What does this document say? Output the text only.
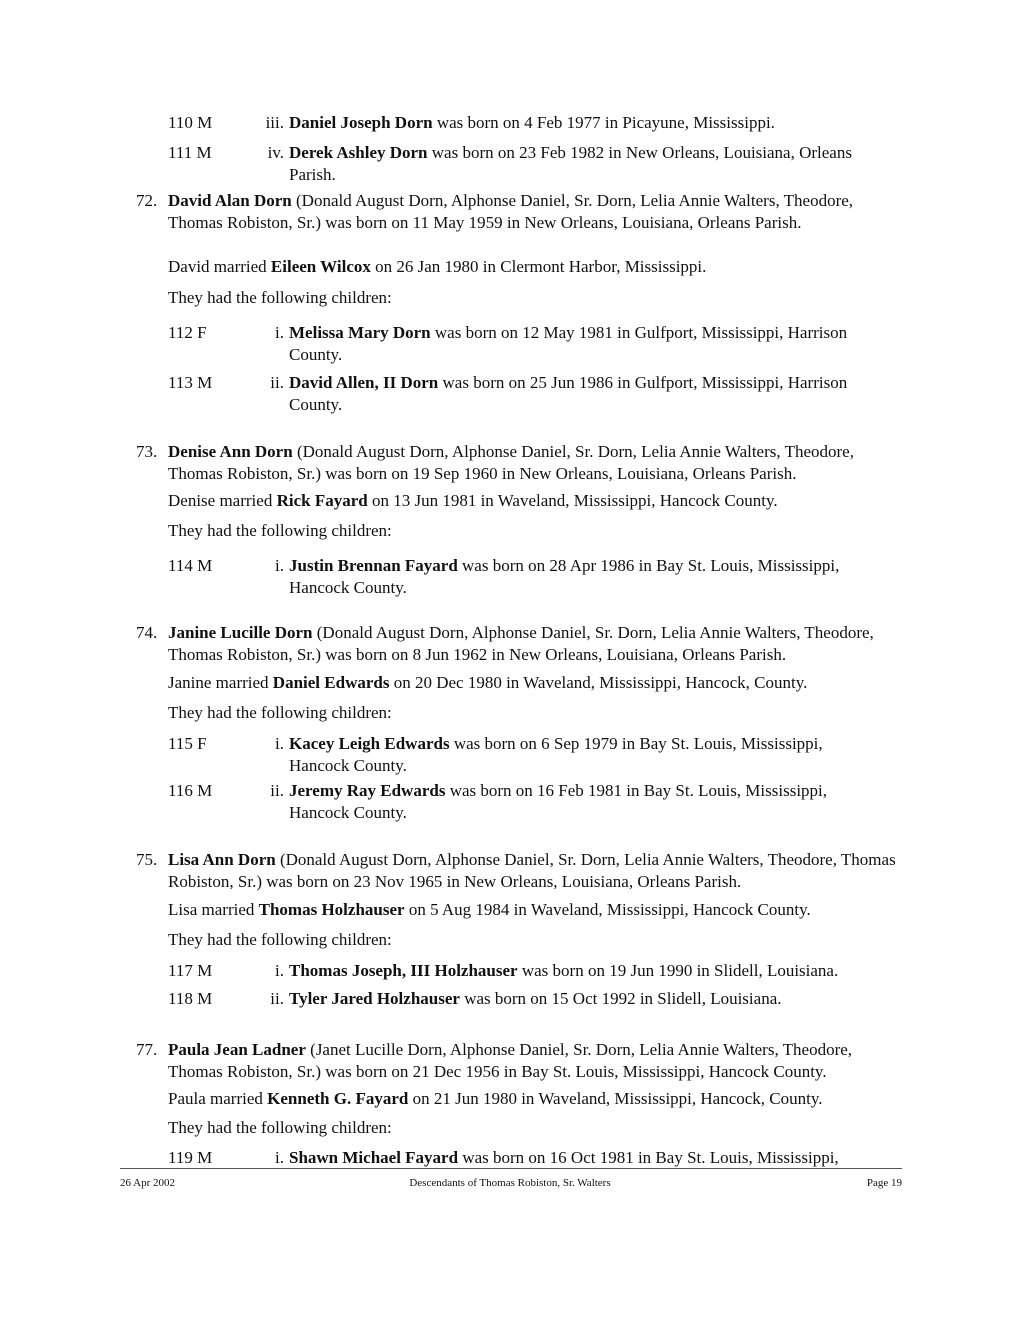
110 M	iii. Daniel Joseph Dorn was born on 4 Feb 1977 in Picayune, Mississippi.
111 M	iv. Derek Ashley Dorn was born on 23 Feb 1982 in New Orleans, Louisiana, Orleans Parish.
72. David Alan Dorn (Donald August Dorn, Alphonse Daniel, Sr. Dorn, Lelia Annie Walters, Theodore, Thomas Robiston, Sr.) was born on 11 May 1959 in New Orleans, Louisiana, Orleans Parish.
David married Eileen Wilcox on 26 Jan 1980 in Clermont Harbor, Mississippi.
They had the following children:
112 F	i. Melissa Mary Dorn was born on 12 May 1981 in Gulfport, Mississippi, Harrison County.
113 M	ii. David Allen, II Dorn was born on 25 Jun 1986 in Gulfport, Mississippi, Harrison County.
73. Denise Ann Dorn (Donald August Dorn, Alphonse Daniel, Sr. Dorn, Lelia Annie Walters, Theodore, Thomas Robiston, Sr.) was born on 19 Sep 1960 in New Orleans, Louisiana, Orleans Parish.
Denise married Rick Fayard on 13 Jun 1981 in Waveland, Mississippi, Hancock County.
They had the following children:
114 M	i. Justin Brennan Fayard was born on 28 Apr 1986 in Bay St. Louis, Mississippi, Hancock County.
74. Janine Lucille Dorn (Donald August Dorn, Alphonse Daniel, Sr. Dorn, Lelia Annie Walters, Theodore, Thomas Robiston, Sr.) was born on 8 Jun 1962 in New Orleans, Louisiana, Orleans Parish.
Janine married Daniel Edwards on 20 Dec 1980 in Waveland, Mississippi, Hancock, County.
They had the following children:
115 F	i. Kacey Leigh Edwards was born on 6 Sep 1979 in Bay St. Louis, Mississippi, Hancock County.
116 M	ii. Jeremy Ray Edwards was born on 16 Feb 1981 in Bay St. Louis, Mississippi, Hancock County.
75. Lisa Ann Dorn (Donald August Dorn, Alphonse Daniel, Sr. Dorn, Lelia Annie Walters, Theodore, Thomas Robiston, Sr.) was born on 23 Nov 1965 in New Orleans, Louisiana, Orleans Parish.
Lisa married Thomas Holzhauser on 5 Aug 1984 in Waveland, Mississippi, Hancock County.
They had the following children:
117 M	i. Thomas Joseph, III Holzhauser was born on 19 Jun 1990 in Slidell, Louisiana.
118 M	ii. Tyler Jared Holzhauser was born on 15 Oct 1992 in Slidell, Louisiana.
77. Paula Jean Ladner (Janet Lucille Dorn, Alphonse Daniel, Sr. Dorn, Lelia Annie Walters, Theodore, Thomas Robiston, Sr.) was born on 21 Dec 1956 in Bay St. Louis, Mississippi, Hancock County.
Paula married Kenneth G. Fayard on 21 Jun 1980 in Waveland, Mississippi, Hancock, County.
They had the following children:
119 M	i. Shawn Michael Fayard was born on 16 Oct 1981 in Bay St. Louis, Mississippi,
26 Apr 2002	Descendants of Thomas Robiston, Sr. Walters	Page 19
